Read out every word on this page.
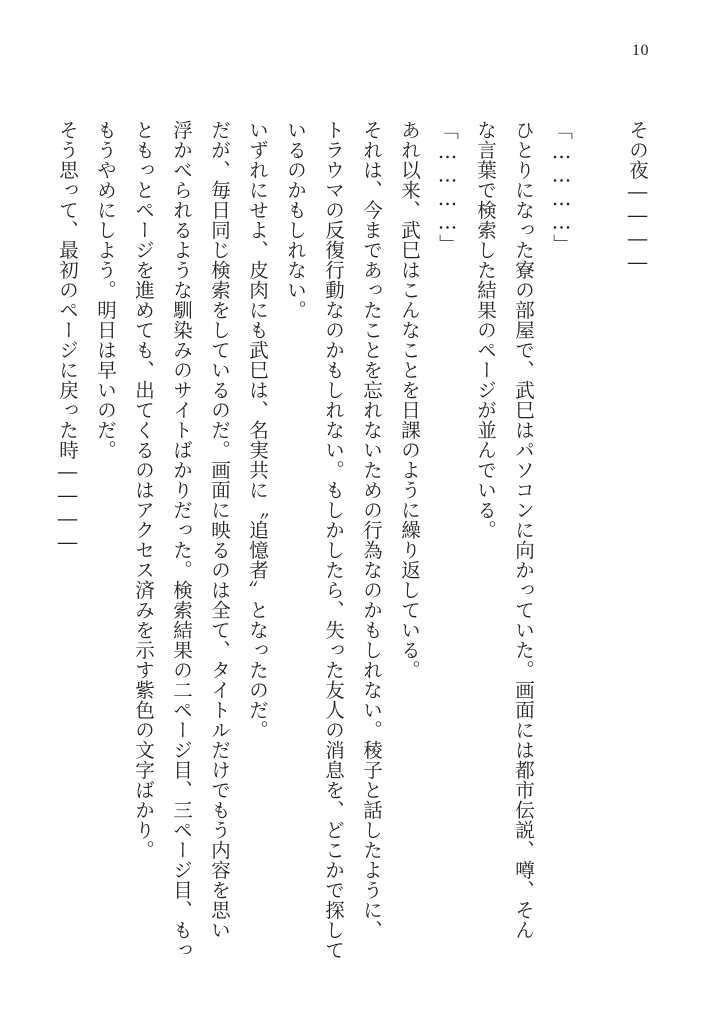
10
その夜――――

「…………」
ひとりになった寮の部屋で、武巳はパソコンに向かっていた。画面には都市伝説、噂、そん
な言葉で検索した結果のページが並んでいる。
「…………」
あれ以来、武巳はこんなことを日課のように繰り返している。
それは、今まであったことを忘れないための行為なのかもしれない。稜子と話したように、
トラウマの反復行動なのかもしれない。もしかしたら、失った友人の消息を、どこかで探して
いるのかもしれない。
いずれにせよ、皮肉にも武巳は、名実共に〝追憶者〟となったのだ。
だが、毎日同じ検索をしているのだ。画面に映るのは全て、タイトルだけでもう内容を思い
浮かべられるような馴染みのサイトばかりだった。検索結果の二ページ目、三ページ目、もっ
ともっとページを進めても、出てくるのはアクセス済みを示す紫色の文字ばかり。
もうやめにしよう。明日は早いのだ。
そう思って、最初のページに戻った時――――
